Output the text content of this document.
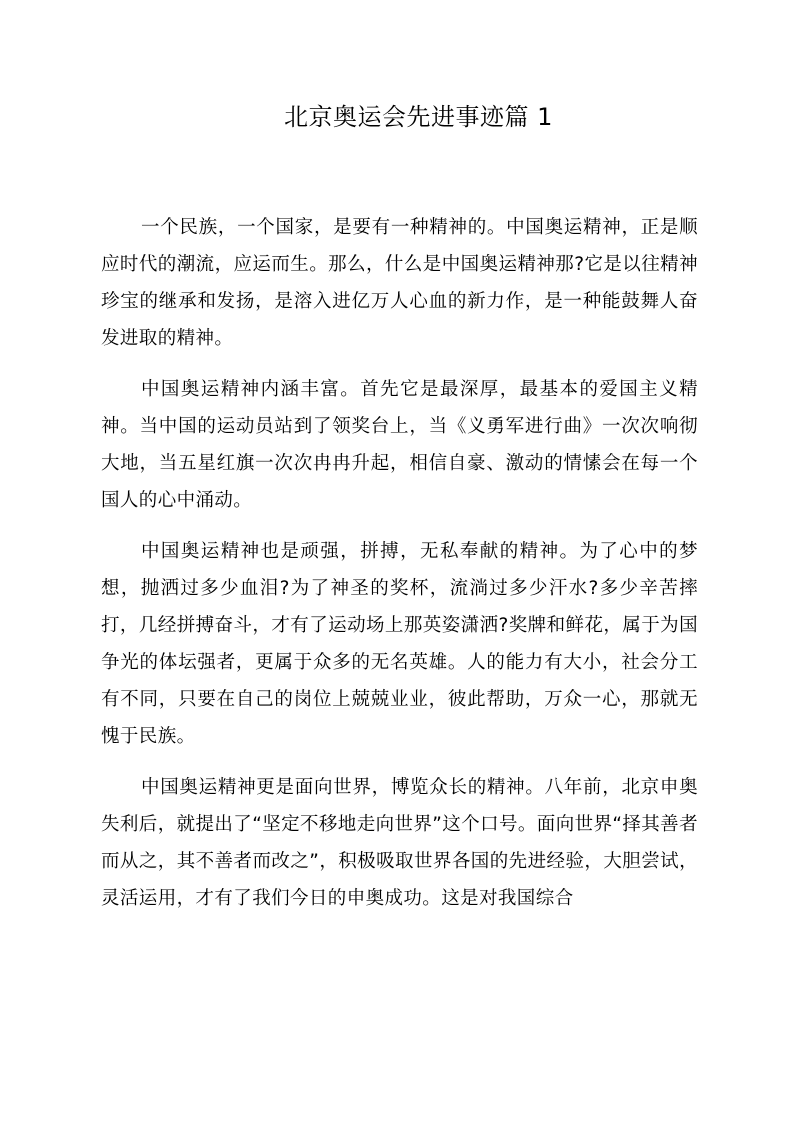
北京奥运会先进事迹篇 1

一个民族，一个国家，是要有一种精神的。中国奥运精神，正是顺应时代的潮流，应运而生。那么，什么是中国奥运精神那?它是以往精神珍宝的继承和发扬，是溶入进亿万人心血的新力作，是一种能鼓舞人奋发进取的精神。

中国奥运精神内涵丰富。首先它是最深厚，最基本的爱国主义精神。当中国的运动员站到了领奖台上，当《义勇军进行曲》一次次响彻大地，当五星红旗一次次冉冉升起，相信自豪、激动的情愫会在每一个国人的心中涌动。

中国奥运精神也是顽强，拼搏，无私奉献的精神。为了心中的梦想，抛洒过多少血泪?为了神圣的奖杯，流淌过多少汗水?多少辛苦摔打，几经拼搏奋斗，才有了运动场上那英姿潇洒?奖牌和鲜花，属于为国争光的体坛强者，更属于众多的无名英雄。人的能力有大小，社会分工有不同，只要在自己的岗位上兢兢业业，彼此帮助，万众一心，那就无愧于民族。

中国奥运精神更是面向世界，博览众长的精神。八年前，北京申奥失利后，就提出了“坚定不移地走向世界”这个口号。面向世界“择其善者而从之，其不善者而改之”，积极吸取世界各国的先进经验，大胆尝试，灵活运用，才有了我们今日的申奥成功。这是对我国综合
